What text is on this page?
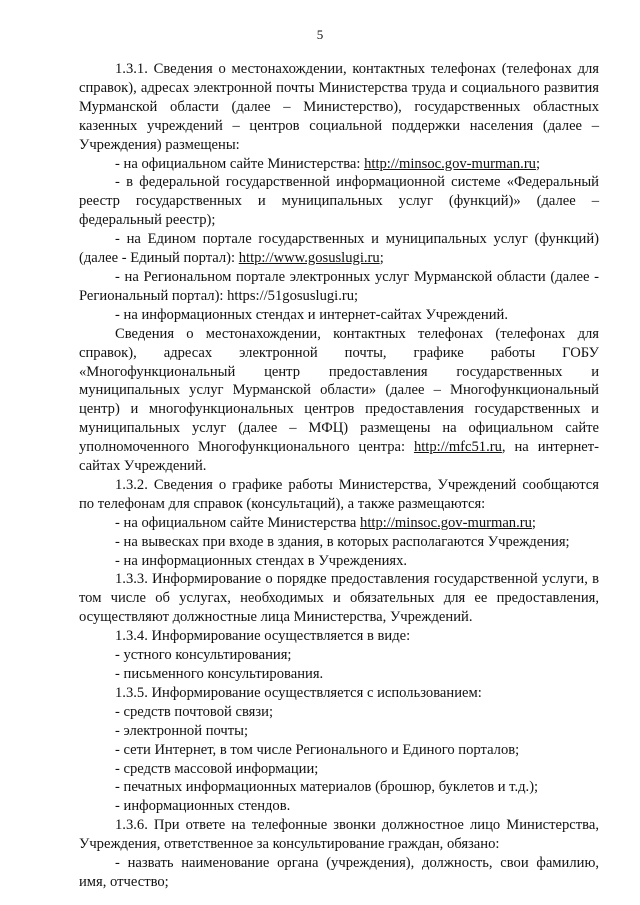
5

1.3.1. Сведения о местонахождении, контактных телефонах (телефонах для справок), адресах электронной почты Министерства труда и социального развития Мурманской области (далее – Министерство), государственных областных казенных учреждений – центров социальной поддержки населения (далее – Учреждения) размещены:

- на официальном сайте Министерства: http://minsoc.gov-murman.ru;

- в федеральной государственной информационной системе «Федеральный реестр государственных и муниципальных услуг (функций)» (далее – федеральный реестр);

- на Едином портале государственных и муниципальных услуг (функций) (далее - Единый портал): http://www.gosuslugi.ru;

- на Региональном портале электронных услуг Мурманской области (далее - Региональный портал): https://51gosuslugi.ru;

- на информационных стендах и интернет-сайтах Учреждений.

Сведения о местонахождении, контактных телефонах (телефонах для справок), адресах электронной почты, графике работы ГОБУ «Многофункциональный центр предоставления государственных и муниципальных услуг Мурманской области» (далее – Многофункциональный центр) и многофункциональных центров предоставления государственных и муниципальных услуг (далее – МФЦ) размещены на официальном сайте уполномоченного Многофункционального центра: http://mfc51.ru, на интернет-сайтах Учреждений.

1.3.2. Сведения о графике работы Министерства, Учреждений сообщаются по телефонам для справок (консультаций), а также размещаются:

- на официальном сайте Министерства http://minsoc.gov-murman.ru;

- на вывесках при входе в здания, в которых располагаются Учреждения;

- на информационных стендах в Учреждениях.

1.3.3. Информирование о порядке предоставления государственной услуги, в том числе об услугах, необходимых и обязательных для ее предоставления, осуществляют должностные лица Министерства, Учреждений.

1.3.4. Информирование осуществляется в виде:

- устного консультирования;

- письменного консультирования.

1.3.5. Информирование осуществляется с использованием:

- средств почтовой связи;

- электронной почты;

- сети Интернет, в том числе Регионального и Единого порталов;

- средств массовой информации;

- печатных информационных материалов (брошюр, буклетов и т.д.);

- информационных стендов.

1.3.6. При ответе на телефонные звонки должностное лицо Министерства, Учреждения, ответственное за консультирование граждан, обязано:

- назвать наименование органа (учреждения), должность, свои фамилию, имя, отчество;
